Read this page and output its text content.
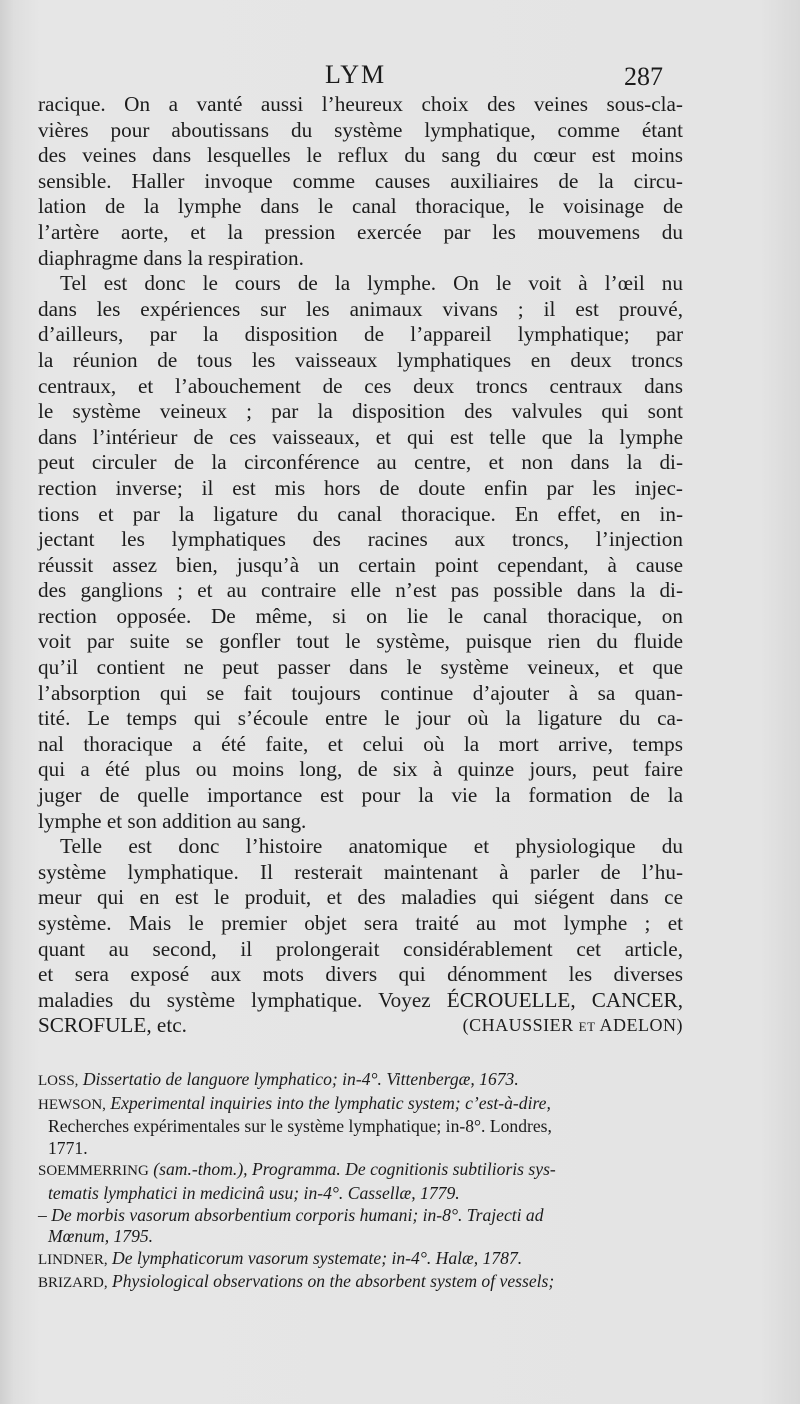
LYM	287
racique. On a vanté aussi l’heureux choix des veines sous-cla-
vières pour aboutissans du système lymphatique, comme étant
des veines dans lesquelles le reflux du sang du cœur est moins
sensible. Haller invoque comme causes auxiliaires de la circu-
lation de la lymphe dans le canal thoracique, le voisinage de
l’artère aorte, et la pression exercée par les mouvemens du
diaphragme dans la respiration.
Tel est donc le cours de la lymphe. On le voit à l’œil nu
dans les expériences sur les animaux vivans ; il est prouvé,
d’ailleurs, par la disposition de l’appareil lymphatique; par
la réunion de tous les vaisseaux lymphatiques en deux troncs
centraux, et l’abouchement de ces deux troncs centraux dans
le système veineux ; par la disposition des valvules qui sont
dans l’intérieur de ces vaisseaux, et qui est telle que la lymphe
peut circuler de la circonférence au centre, et non dans la di-
rection inverse; il est mis hors de doute enfin par les injec-
tions et par la ligature du canal thoracique. En effet, en in-
jectant les lymphatiques des racines aux troncs, l’injection
réussit assez bien, jusqu’à un certain point cependant, à cause
des ganglions ; et au contraire elle n’est pas possible dans la di-
rection opposée. De même, si on lie le canal thoracique, on
voit par suite se gonfler tout le système, puisque rien du fluide
qu’il contient ne peut passer dans le système veineux, et que
l’absorption qui se fait toujours continue d’ajouter à sa quan-
tité. Le temps qui s’écoule entre le jour où la ligature du ca-
nal thoracique a été faite, et celui où la mort arrive, temps
qui a été plus ou moins long, de six à quinze jours, peut faire
juger de quelle importance est pour la vie la formation de la
lymphe et son addition au sang.
Telle est donc l’histoire anatomique et physiologique du
système lymphatique. Il resterait maintenant à parler de l’hu-
meur qui en est le produit, et des maladies qui siégent dans ce
système. Mais le premier objet sera traité au mot lymphe ; et
quant au second, il prolongerait considérablement cet article,
et sera exposé aux mots divers qui dénomment les diverses
maladies du système lymphatique. Voyez ÉCROUELLE, CANCER,
SCROFULE, etc.	(CHAUSSIER et ADELON)
LOSS, Dissertatio de languore lymphatico; in-4°. Vittenbergæ, 1673.
HEWSON, Experimental inquiries into the lymphatic system; c’est-à-dire,
Recherches expérimentales sur le système lymphatique; in-8°. Londres,
1771.
SOEMMERRING (sam.-thom.), Programma. De cognitionis subtilioris sys-
tematis lymphatici in medicinâ usu; in-4°. Cassellæ, 1779.
– De morbis vasorum absorbentium corporis humani; in-8°. Trajecti ad
Mœnum, 1795.
LINDNER, De lymphaticorum vasorum systemate; in-4°. Halæ, 1787.
BRIZARD, Physiological observations on the absorbent system of vessels;
